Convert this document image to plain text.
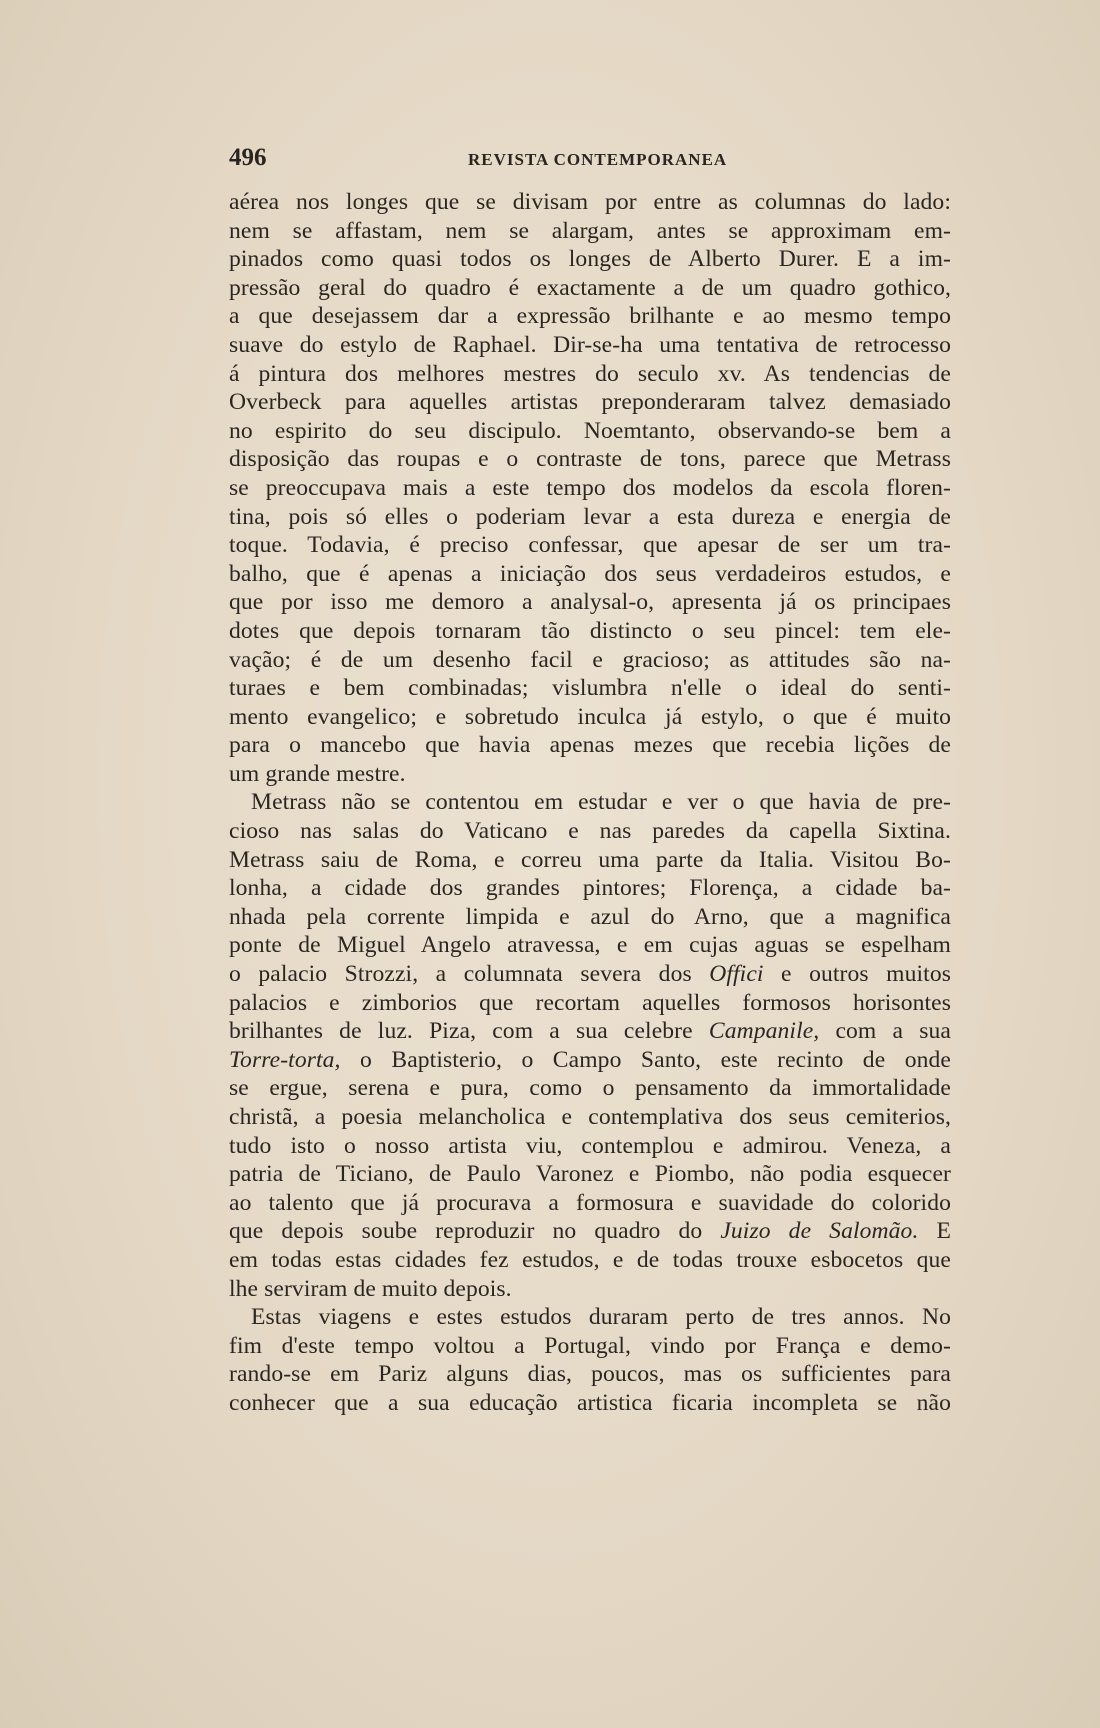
496	REVISTA CONTEMPORANEA
aérea nos longes que se divisam por entre as columnas do lado:
nem se affastam, nem se alargam, antes se approximam em-
pinados como quasi todos os longes de Alberto Durer. E a im-
pressão geral do quadro é exactamente a de um quadro gothico,
a que desejassem dar a expressão brilhante e ao mesmo tempo
suave do estylo de Raphael. Dir-se-ha uma tentativa de retrocesso
á pintura dos melhores mestres do seculo xv. As tendencias de
Overbeck para aquelles artistas preponderaram talvez demasiado
no espirito do seu discipulo. Noemtanto, observando-se bem a
disposição das roupas e o contraste de tons, parece que Metrass
se preoccupava mais a este tempo dos modelos da escola floren-
tina, pois só elles o poderiam levar a esta dureza e energia de
toque. Todavia, é preciso confessar, que apesar de ser um tra-
balho, que é apenas a iniciação dos seus verdadeiros estudos, e
que por isso me demoro a analysal-o, apresenta já os principaes
dotes que depois tornaram tão distincto o seu pincel: tem ele-
vação; é de um desenho facil e gracioso; as attitudes são na-
turaes e bem combinadas; vislumbra n'elle o ideal do senti-
mento evangelico; e sobretudo inculca já estylo, o que é muito
para o mancebo que havia apenas mezes que recebia lições de
um grande mestre.
Metrass não se contentou em estudar e ver o que havia de pre-
cioso nas salas do Vaticano e nas paredes da capella Sixtina.
Metrass saiu de Roma, e correu uma parte da Italia. Visitou Bo-
lonha, a cidade dos grandes pintores; Florença, a cidade ba-
nhada pela corrente limpida e azul do Arno, que a magnifica
ponte de Miguel Angelo atravessa, e em cujas aguas se espelham
o palacio Strozzi, a columnata severa dos Offici e outros muitos
palacios e zimborios que recortam aquelles formosos horisontes
brilhantes de luz. Piza, com a sua celebre Campanile, com a sua
Torre-torta, o Baptisterio, o Campo Santo, este recinto de onde
se ergue, serena e pura, como o pensamento da immortalidade
christã, a poesia melancholica e contemplativa dos seus cemiterios,
tudo isto o nosso artista viu, contemplou e admirou. Veneza, a
patria de Ticiano, de Paulo Varonez e Piombo, não podia esquecer
ao talento que já procurava a formosura e suavidade do colorido
que depois soube reproduzir no quadro do Juizo de Salomão. E
em todas estas cidades fez estudos, e de todas trouxe esbocetos que
lhe serviram de muito depois.
Estas viagens e estes estudos duraram perto de tres annos. No
fim d'este tempo voltou a Portugal, vindo por França e demo-
rando-se em Pariz alguns dias, poucos, mas os sufficientes para
conhecer que a sua educação artistica ficaria incompleta se não
